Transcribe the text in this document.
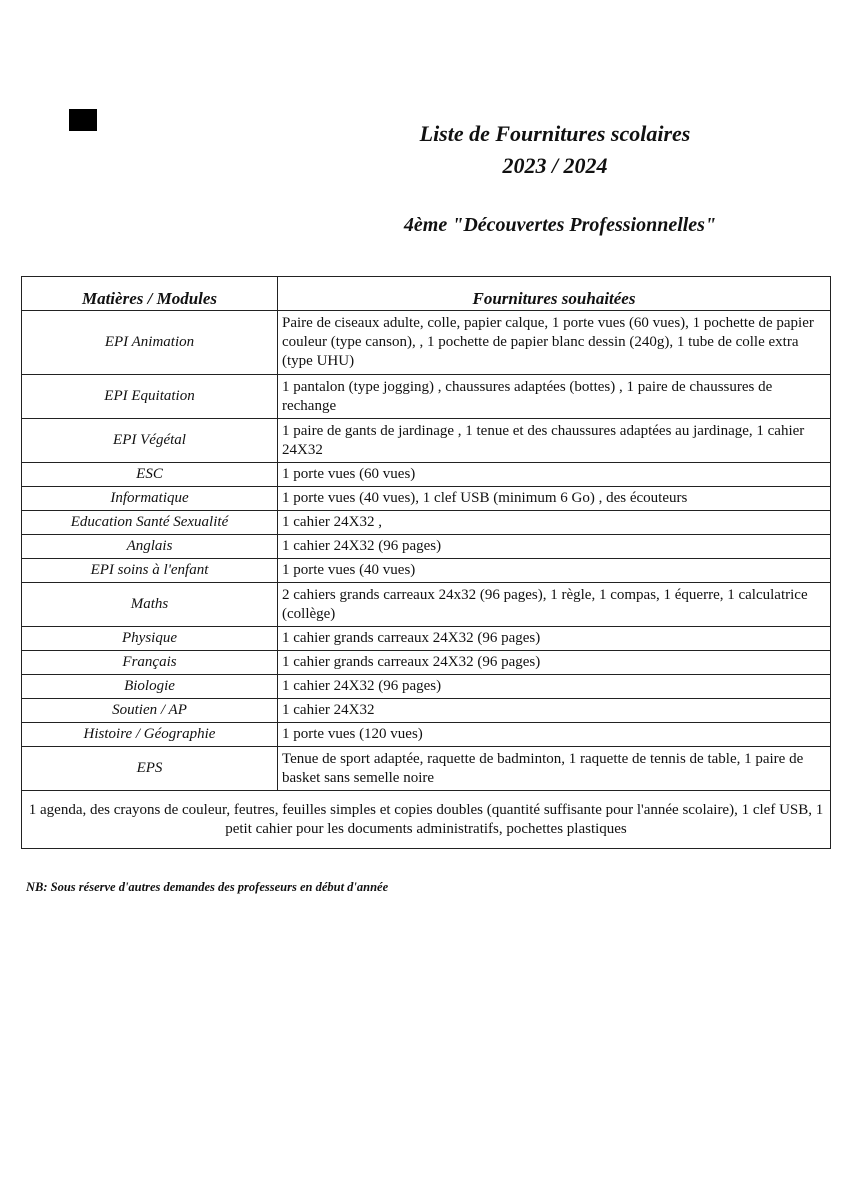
Liste de Fournitures scolaires
2023 / 2024
4ème "Découvertes Professionnelles"
Matières / Modules	Fournitures souhaitées
EPI Animation	Paire de ciseaux adulte, colle, papier calque, 1 porte vues (60 vues), 1 pochette de papier couleur (type canson), , 1 pochette de papier blanc dessin (240g), 1 tube de colle extra (type UHU)
EPI Equitation	1 pantalon (type jogging) , chaussures adaptées (bottes) , 1 paire de chaussures de rechange
EPI Végétal	1 paire de gants de jardinage , 1 tenue et des chaussures adaptées au jardinage, 1 cahier 24X32
ESC	1 porte vues (60 vues)
Informatique	1 porte vues (40 vues), 1 clef USB (minimum 6 Go) , des écouteurs
Education Santé Sexualité	1 cahier 24X32 ,
Anglais	1 cahier 24X32 (96 pages)
EPI soins à l'enfant	1 porte vues (40 vues)
Maths	2 cahiers grands carreaux 24x32 (96 pages), 1 règle, 1 compas, 1 équerre, 1 calculatrice (collège)
Physique	1 cahier grands carreaux 24X32 (96 pages)
Français	1 cahier grands carreaux 24X32 (96 pages)
Biologie	1 cahier 24X32 (96 pages)
Soutien / AP	1 cahier 24X32
Histoire / Géographie	1 porte vues (120 vues)
EPS	Tenue de sport adaptée, raquette de badminton, 1 raquette de tennis de table, 1 paire de basket sans semelle noire
1 agenda, des crayons de couleur, feutres, feuilles simples et copies doubles (quantité suffisante pour l'année scolaire), 1 clef USB, 1 petit cahier pour les documents administratifs, pochettes plastiques	

NB: Sous réserve d'autres demandes des professeurs en début d'année
